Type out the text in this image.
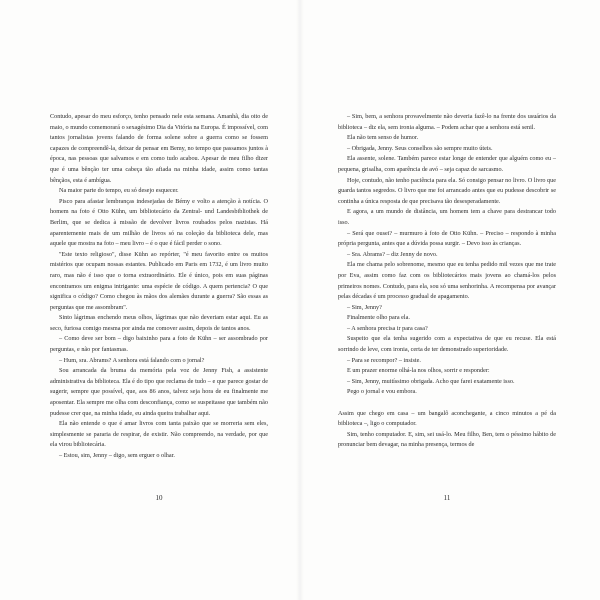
Contudo, apesar do meu esforço, tenho pensado nele esta semana. Amanhã, dia oito de maio, o mundo comemorará o sexagésimo Dia da Vitória na Europa. É impossível, com tantos jornalistas jovens falando de forma solene sobre a guerra como se fossem capazes de compreendê-la, deixar de pensar em Bemy, no tempo que passamos juntos à época, nas pessoas que salvamos e em como tudo acabou. Apesar de meu filho dizer que é uma bênção ter uma cabeça tão afiada na minha idade, assim como tantas bênçãos, esta é ambígua.

Na maior parte do tempo, eu só desejo esquecer.

Pisco para afastar lembranças indesejadas de Bémy e volto a atenção à notícia. O homem na foto é Otto Kühn, um bibliotecário da Zentral- und Landesbibliothek de Berlim, que se dedica à missão de devolver livros roubados pelos nazistas. Há aparentemente mais de um milhão de livros só na coleção da biblioteca dele, mas aquele que mostra na foto – meu livro – é o que é fácil perder o sono.

"Este texto religioso", disse Kühn ao repórter, "é meu favorito entre os muitos mistérios que ocupam nossas estantes. Publicado em Paris em 1732, é um livro muito raro, mas não é isso que o torna extraordinário. Ele é único, pois em suas páginas encontramos um enigma intrigante: uma espécie de código. A quem pertencia? O que significa o código? Como chegou às mãos dos alemães durante a guerra? São essas as perguntas que me assombram".

Sinto lágrimas enchendo meus olhos, lágrimas que não deveriam estar aqui. Eu as seco, furiosa comigo mesma por ainda me comover assim, depois de tantos anos.

– Como deve ser bom – digo baixinho para a foto de Kühn – ser assombrado por perguntas, e não por fantasmas.

– Hum, sra. Abrams? A senhora está falando com o jornal?

Sou arrancada da bruma da memória pela voz de Jenny Fish, a assistente administrativa da biblioteca. Ela é do tipo que reclama de tudo – e que parece gostar de sugerir, sempre que possível, que, aos 86 anos, talvez seja hora de eu finalmente me aposentar. Ela sempre me olha com desconfiança, como se suspeitasse que também não pudesse crer que, na minha idade, eu ainda queira trabalhar aqui.

Ela não entende o que é amar livros com tanta paixão que se morreria sem eles, simplesmente se pararia de respirar, de existir. Não compreendo, na verdade, por que ela virou bibliotecária.

– Estou, sim, Jenny – digo, sem erguer o olhar.

10

– Sim, bem, a senhora provavelmente não deveria fazê-lo na frente dos usuários da biblioteca – diz ela, sem ironia alguma. – Podem achar que a senhora está senil.

Ela não tem senso de humor.

– Obrigada, Jenny. Seus conselhos são sempre muito úteis.

Ela assente, solene. Também parece estar longe de entender que alguém como eu – pequena, grisalha, com aparência de avó – seja capaz de sarcasmo.

Hoje, contudo, não tenho paciência para ela. Só consigo pensar no livro. O livro que guarda tantos segredos. O livro que me foi arrancado antes que eu pudesse descobrir se continha a única resposta de que precisava tão desesperadamente.

E agora, a um mundo de distância, um homem tem a chave para destrancar todo isso.

– Será que ousei? – murmuro à foto de Otto Kühn. – Preciso – respondo à minha própria pergunta, antes que a dúvida possa surgir. – Devo isso às crianças.

– Sra. Abrams? – diz Jenny de novo.

Ela me chama pelo sobrenome, mesmo que eu tenha pedido mil vezes que me trate por Eva, assim como faz com os bibliotecários mais jovens ao chamá-los pelos primeiros nomes. Contudo, para ela, sou só uma senhorinha. A recompensa por avançar pelas décadas é um processo gradual de apagamento.

– Sim, Jenny?

Finalmente olho para ela.

– A senhora precisa ir para casa?

Suspeito que ela tenha sugerido com a expectativa de que eu recuse. Ela está sorrindo de leve, com ironia, certa de ter demonstrado superioridade.

– Para se recompor? – insiste.

E um prazer enorme olhá-la nos olhos, sorrir e responder:

– Sim, Jenny, muitíssimo obrigada. Acho que farei exatamente isso.

Pego o jornal e vou embora.

Assim que chego em casa – um bangalô aconchegante, a cinco minutos a pé da biblioteca –, ligo o computador.

Sim, tenho computador. E, sim, sei usá-lo. Meu filho, Ben, tem o péssimo hábito de pronunciar bem devagar, na minha presença, termos de

11
